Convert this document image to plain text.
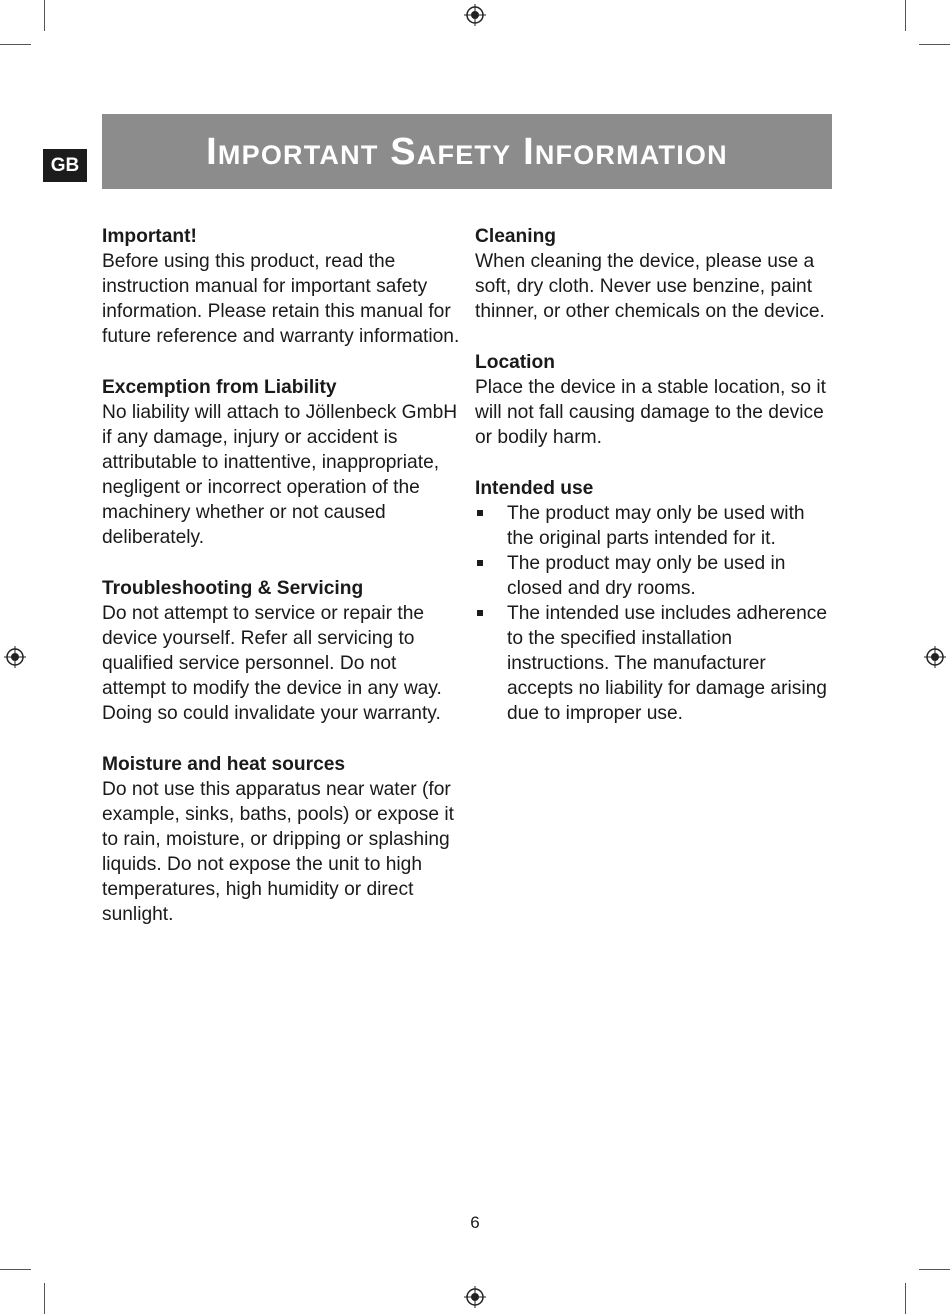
GB	Important Safety Information
Important!

Before using this product, read the instruction manual for important safety information. Please retain this manual for future reference and warranty information.

Excemption from Liability

No liability will attach to Jöllenbeck GmbH if any damage, injury or accident is attributable to inattentive, inappropriate, negligent or incorrect operation of the machinery whether or not caused deliberately.

Troubleshooting & Servicing

Do not attempt to service or repair the device yourself. Refer all servicing to qualified service personnel. Do not attempt to modify the device in any way. Doing so could invalidate your warranty.

Moisture and heat sources

Do not use this apparatus near water (for example, sinks, baths, pools) or expose it to rain, moisture, or dripping or splashing liquids. Do not expose the unit to high temperatures, high humidity or direct sunlight.

Cleaning

When cleaning the device, please use a soft, dry cloth. Never use benzine, paint thinner, or other chemicals on the device.

Location

Place the device in a stable location, so it will not fall causing damage to the device or bodily harm.

Intended use
The product may only be used with the original parts intended for it.
The product may only be used in closed and dry rooms.
The intended use includes adherence to the specified installation instructions. The manufacturer accepts no liability for damage arising due to improper use.
6
